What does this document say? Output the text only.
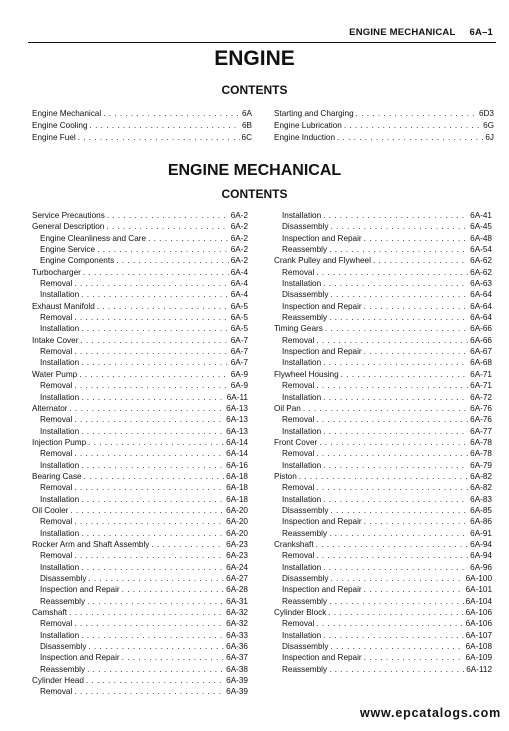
ENGINE MECHANICAL 6A–1
ENGINE
CONTENTS
Engine Mechanical . . .	6A
Engine Cooling . . .	6B
Engine Fuel . . .	6C
Starting and Charging . . .	6D3
Engine Lubrication . . .	6G
Engine Induction . . .	6J
ENGINE MECHANICAL
CONTENTS
Service Precautions . . .	6A-2
General Description . . .	6A-2
Engine Cleanliness and Care . . .	6A-2
Engine Service . . .	6A-2
Engine Components . . .	6A-2
Turbocharger . . .	6A-4
Removal . . .	6A-4
Installation . . .	6A-4
Exhaust Manifold . . .	6A-5
Removal . . .	6A-5
Installation . . .	6A-5
Intake Cover . . .	6A-7
Removal . . .	6A-7
Installation . . .	6A-7
Water Pump . . .	6A-9
Removal . . .	6A-9
Installation . . .	6A-11
Alternator . . .	6A-13
Removal . . .	6A-13
Installation . . .	6A-13
Injection Pump . . .	6A-14
Removal . . .	6A-14
Installation . . .	6A-16
Bearing Case . . .	6A-18
Removal . . .	6A-18
Installation . . .	6A-18
Oil Cooler . . .	6A-20
Removal . . .	6A-20
Installation . . .	6A-20
Rocker Arm and Shaft Assembly . . .	6A-23
Removal . . .	6A-23
Installation . . .	6A-24
Disassembly . . .	6A-27
Inspection and Repair . . .	6A-28
Reassembly . . .	6A-31
Camshaft . . .	6A-32
Removal . . .	6A-32
Installation . . .	6A-33
Disassembly . . .	6A-36
Inspection and Repair . . .	6A-37
Reassembly . . .	6A-38
Cylinder Head . . .	6A-39
Removal . . .	6A-39
Installation . . .	6A-41
Disassembly . . .	6A-45
Inspection and Repair . . .	6A-48
Reassembly . . .	6A-54
Crank Pulley and Flywheel . . .	6A-62
Removal . . .	6A-62
Installation . . .	6A-63
Disassembly . . .	6A-64
Inspection and Repair . . .	6A-64
Reassembly . . .	6A-64
Timing Gears . . .	6A-66
Removal . . .	6A-66
Inspection and Repair . . .	6A-67
Installation . . .	6A-68
Flywheel Housing . . .	6A-71
Removal . . .	6A-71
Installation . . .	6A-72
Oil Pan . . .	6A-76
Removal . . .	6A-76
Installation . . .	6A-77
Front Cover . . .	6A-78
Removal . . .	6A-78
Installation . . .	6A-79
Piston . . .	6A-82
Removal . . .	6A-82
Installation . . .	6A-83
Disassembly . . .	6A-85
Inspection and Repair . . .	6A-86
Reassembly . . .	6A-91
Crankshaft . . .	6A-94
Removal . . .	6A-94
Installation . . .	6A-96
Disassembly . . .	6A-100
Inspection and Repair . . .	6A-101
Reassembly . . .	6A-104
Cylinder Block . . .	6A-106
Removal . . .	6A-106
Installation . . .	6A-107
Disassembly . . .	6A-108
Inspection and Repair . . .	6A-109
Reassembly . . .	6A-112
www.epcatalogs.com
